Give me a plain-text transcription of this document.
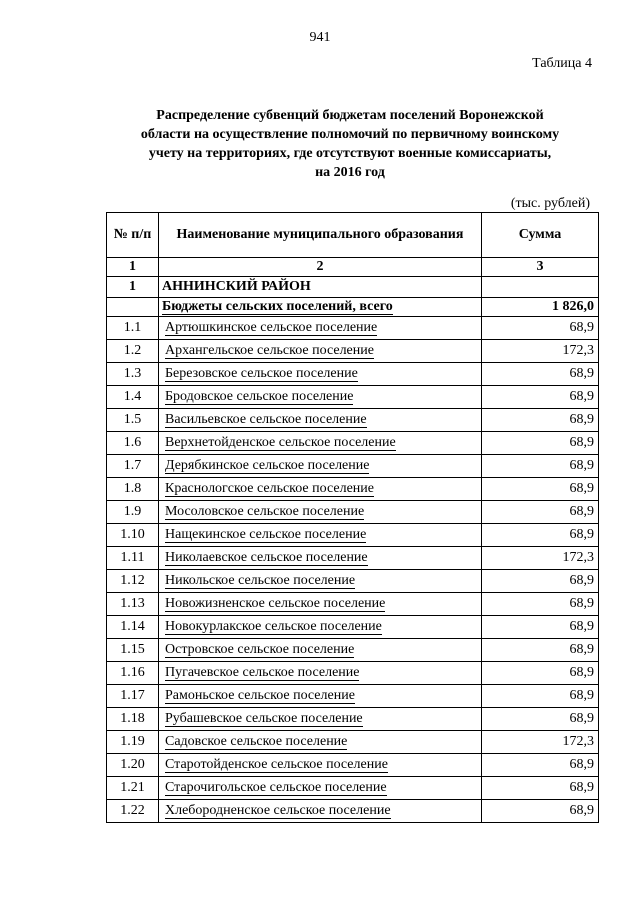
941
Таблица 4
Распределение субвенций бюджетам поселений Воронежской
области на осуществление полномочий по первичному воинскому
учету на территориях, где отсутствуют военные комиссариаты,
на 2016 год
(тыс. рублей)
№ п/п	Наименование муниципального образования	Сумма
1	2	3
1	АННИНСКИЙ РАЙОН	
	Бюджеты сельских поселений, всего	1 826,0
1.1	Артюшкинское сельское поселение	68,9
1.2	Архангельское сельское поселение	172,3
1.3	Березовское сельское поселение	68,9
1.4	Бродовское сельское поселение	68,9
1.5	Васильевское сельское поселение	68,9
1.6	Верхнетойденское сельское поселение	68,9
1.7	Дерябкинское сельское поселение	68,9
1.8	Краснологское сельское поселение	68,9
1.9	Мосоловское сельское поселение	68,9
1.10	Нащекинское сельское поселение	68,9
1.11	Николаевское сельское поселение	172,3
1.12	Никольское сельское поселение	68,9
1.13	Новожизненское сельское поселение	68,9
1.14	Новокурлакское сельское поселение	68,9
1.15	Островское сельское поселение	68,9
1.16	Пугачевское сельское поселение	68,9
1.17	Рамоньское сельское поселение	68,9
1.18	Рубашевское сельское поселение	68,9
1.19	Садовское сельское поселение	172,3
1.20	Старотойденское сельское поселение	68,9
1.21	Старочигольское сельское поселение	68,9
1.22	Хлебородненское сельское поселение	68,9
